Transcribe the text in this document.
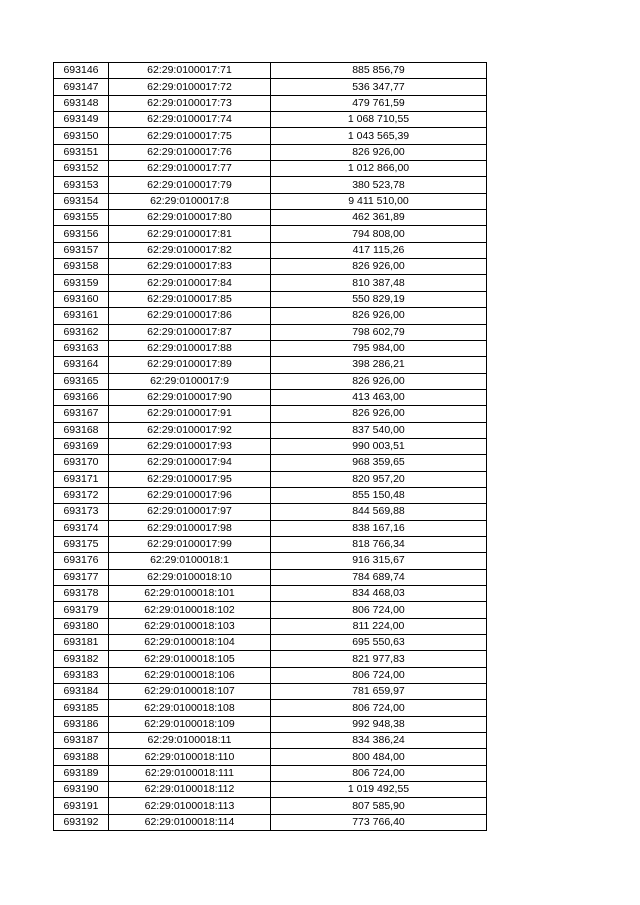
693146	62:29:0100017:71	885 856,79
693147	62:29:0100017:72	536 347,77
693148	62:29:0100017:73	479 761,59
693149	62:29:0100017:74	1 068 710,55
693150	62:29:0100017:75	1 043 565,39
693151	62:29:0100017:76	826 926,00
693152	62:29:0100017:77	1 012 866,00
693153	62:29:0100017:79	380 523,78
693154	62:29:0100017:8	9 411 510,00
693155	62:29:0100017:80	462 361,89
693156	62:29:0100017:81	794 808,00
693157	62:29:0100017:82	417 115,26
693158	62:29:0100017:83	826 926,00
693159	62:29:0100017:84	810 387,48
693160	62:29:0100017:85	550 829,19
693161	62:29:0100017:86	826 926,00
693162	62:29:0100017:87	798 602,79
693163	62:29:0100017:88	795 984,00
693164	62:29:0100017:89	398 286,21
693165	62:29:0100017:9	826 926,00
693166	62:29:0100017:90	413 463,00
693167	62:29:0100017:91	826 926,00
693168	62:29:0100017:92	837 540,00
693169	62:29:0100017:93	990 003,51
693170	62:29:0100017:94	968 359,65
693171	62:29:0100017:95	820 957,20
693172	62:29:0100017:96	855 150,48
693173	62:29:0100017:97	844 569,88
693174	62:29:0100017:98	838 167,16
693175	62:29:0100017:99	818 766,34
693176	62:29:0100018:1	916 315,67
693177	62:29:0100018:10	784 689,74
693178	62:29:0100018:101	834 468,03
693179	62:29:0100018:102	806 724,00
693180	62:29:0100018:103	811 224,00
693181	62:29:0100018:104	695 550,63
693182	62:29:0100018:105	821 977,83
693183	62:29:0100018:106	806 724,00
693184	62:29:0100018:107	781 659,97
693185	62:29:0100018:108	806 724,00
693186	62:29:0100018:109	992 948,38
693187	62:29:0100018:11	834 386,24
693188	62:29:0100018:110	800 484,00
693189	62:29:0100018:111	806 724,00
693190	62:29:0100018:112	1 019 492,55
693191	62:29:0100018:113	807 585,90
693192	62:29:0100018:114	773 766,40
